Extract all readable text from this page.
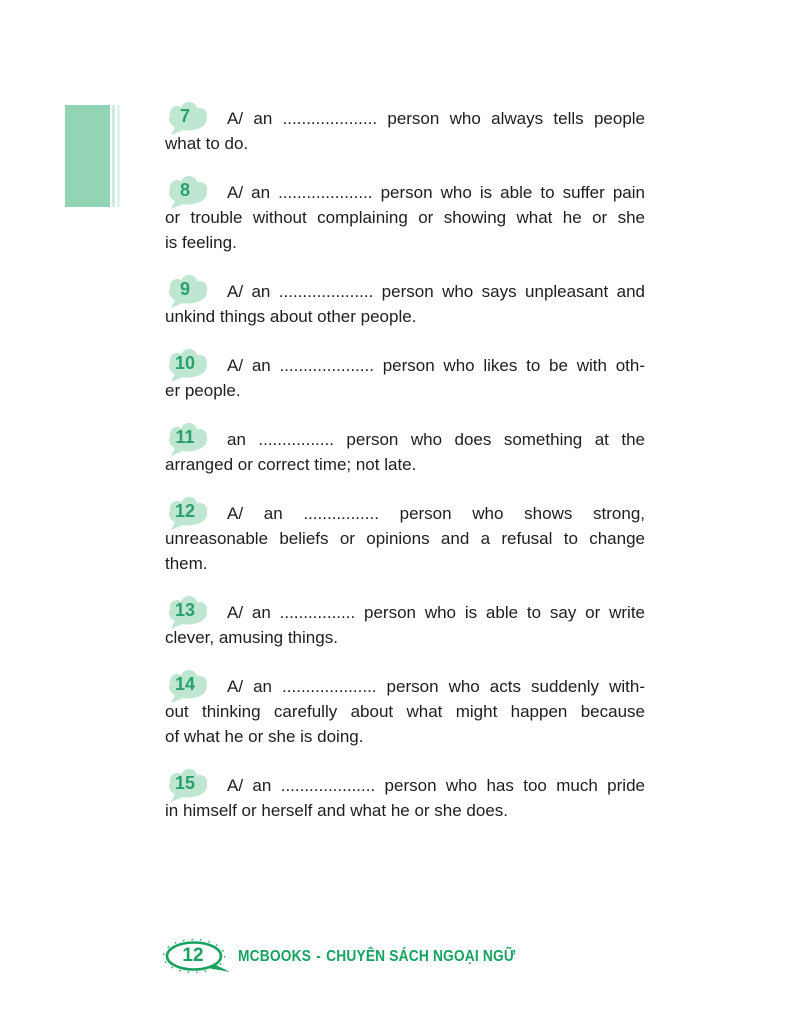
7	A/ an .................... person who always tells people
what to do.
8	A/ an .................... person who is able to suffer pain
or trouble without complaining or showing what he or she
is feeling.
9	A/ an .................... person who says unpleasant and
unkind things about other people.
10	A/ an .................... person who likes to be with oth-
er people.
11	an ................ person who does something at the
arranged or correct time; not late.
12	A/ an ................ person who shows strong,
unreasonable beliefs or opinions and a refusal to change
them.
13	A/ an ................ person who is able to say or write
clever, amusing things.
14	A/ an .................... person who acts suddenly with-
out thinking carefully about what might happen because
of what he or she is doing.
15	A/ an .................... person who has too much pride
in himself or herself and what he or she does.
12	MCBOOKS - CHUYÊN SÁCH NGOẠI NGỮ
